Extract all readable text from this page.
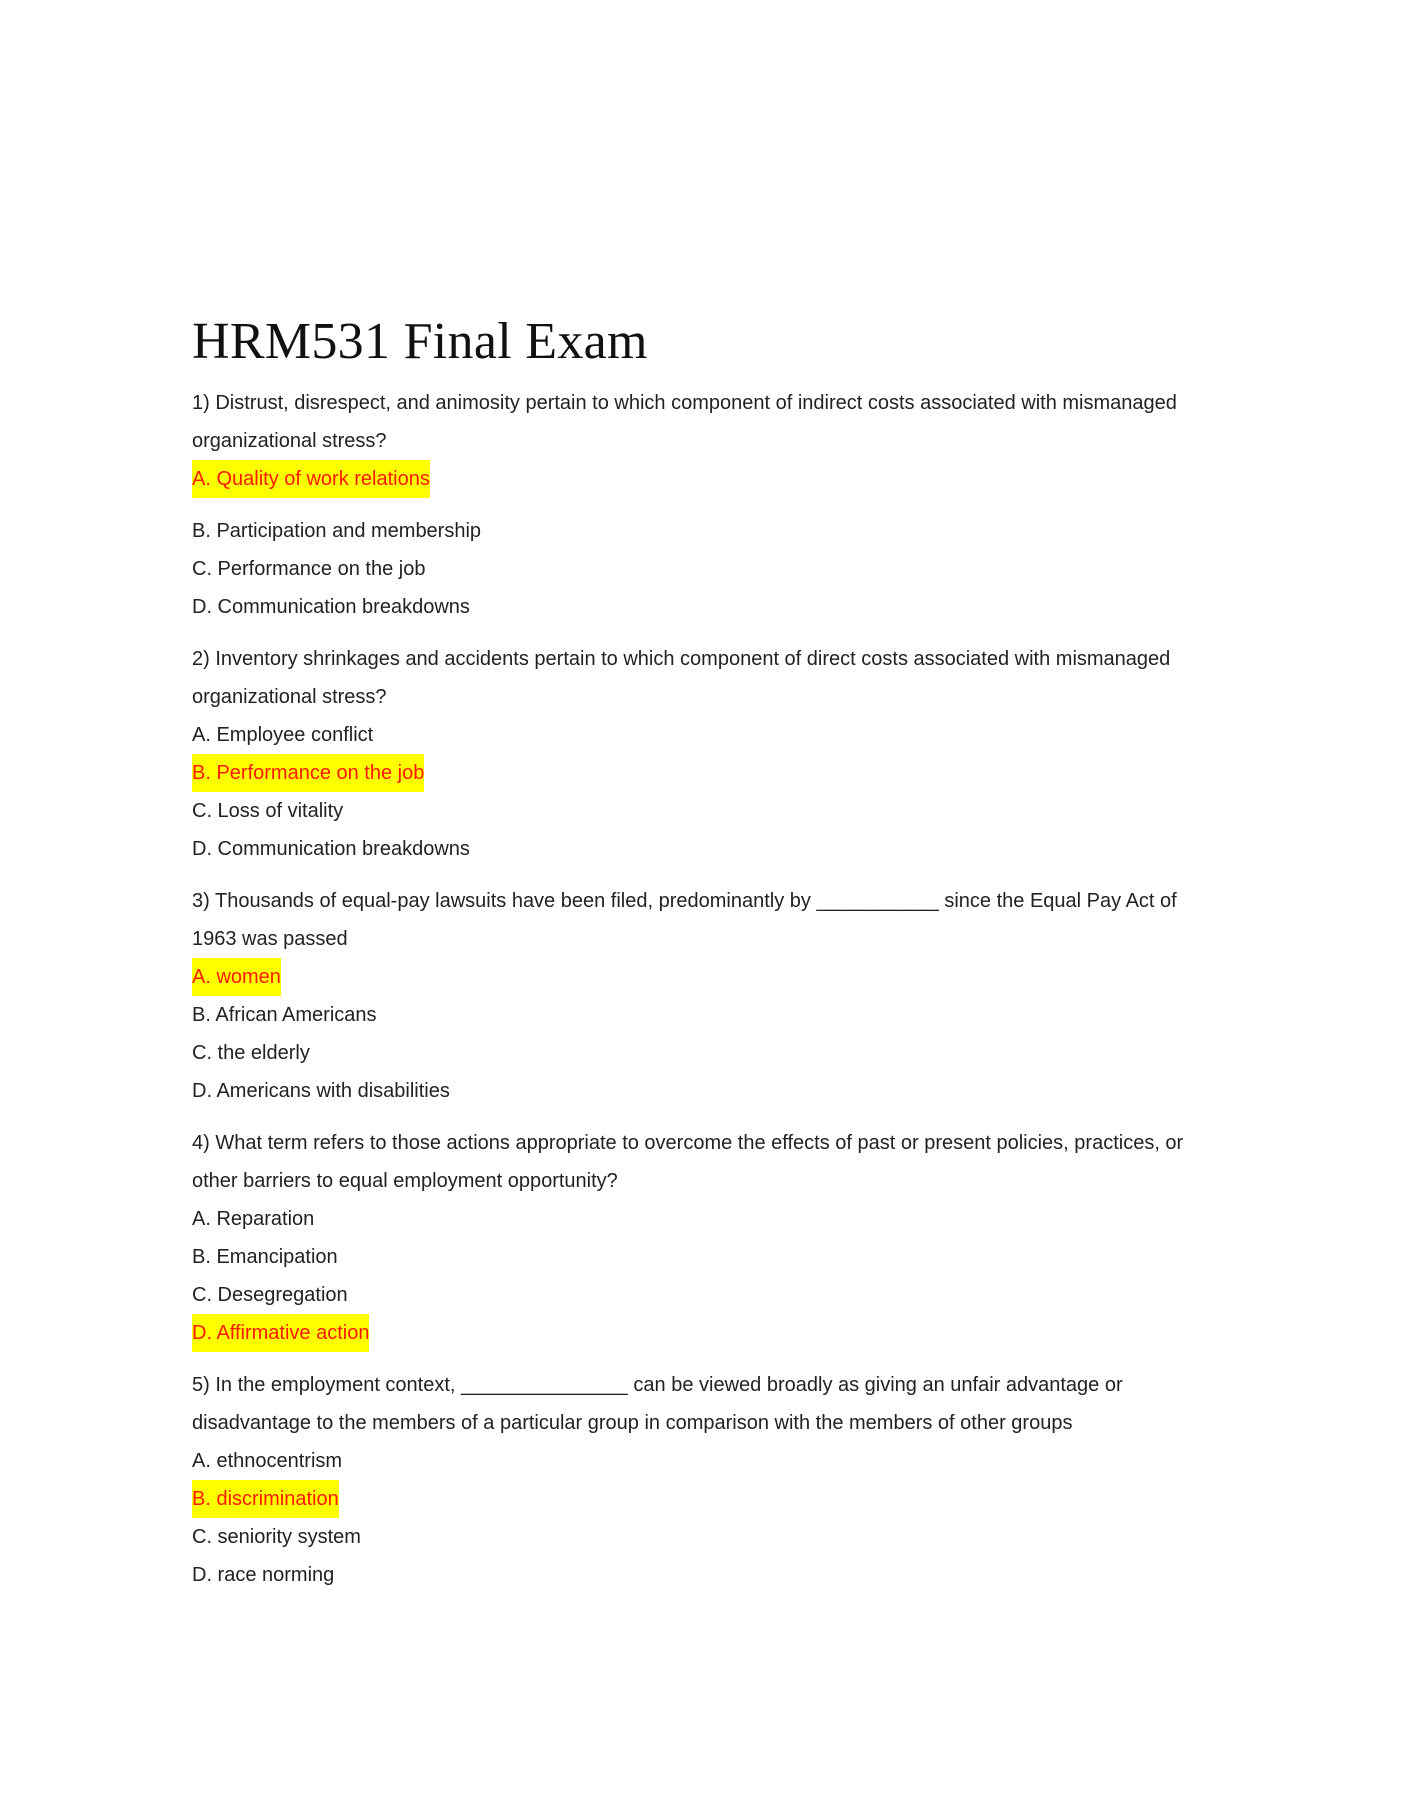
HRM531 Final Exam

1) Distrust, disrespect, and animosity pertain to which component of indirect costs associated with mismanaged organizational stress?

A. Quality of work relations
B. Participation and membership
C. Performance on the job
D. Communication breakdowns

2) Inventory shrinkages and accidents pertain to which component of direct costs associated with mismanaged organizational stress?

A. Employee conflict
B. Performance on the job
C. Loss of vitality
D. Communication breakdowns

3) Thousands of equal-pay lawsuits have been filed, predominantly by ___________ since the Equal Pay Act of 1963 was passed

A. women
B. African Americans
C. the elderly
D. Americans with disabilities

4) What term refers to those actions appropriate to overcome the effects of past or present policies, practices, or other barriers to equal employment opportunity?

A. Reparation
B. Emancipation
C. Desegregation
D. Affirmative action

5) In the employment context, _______________ can be viewed broadly as giving an unfair advantage or disadvantage to the members of a particular group in comparison with the members of other groups

A. ethnocentrism
B. discrimination
C. seniority system
D. race norming
